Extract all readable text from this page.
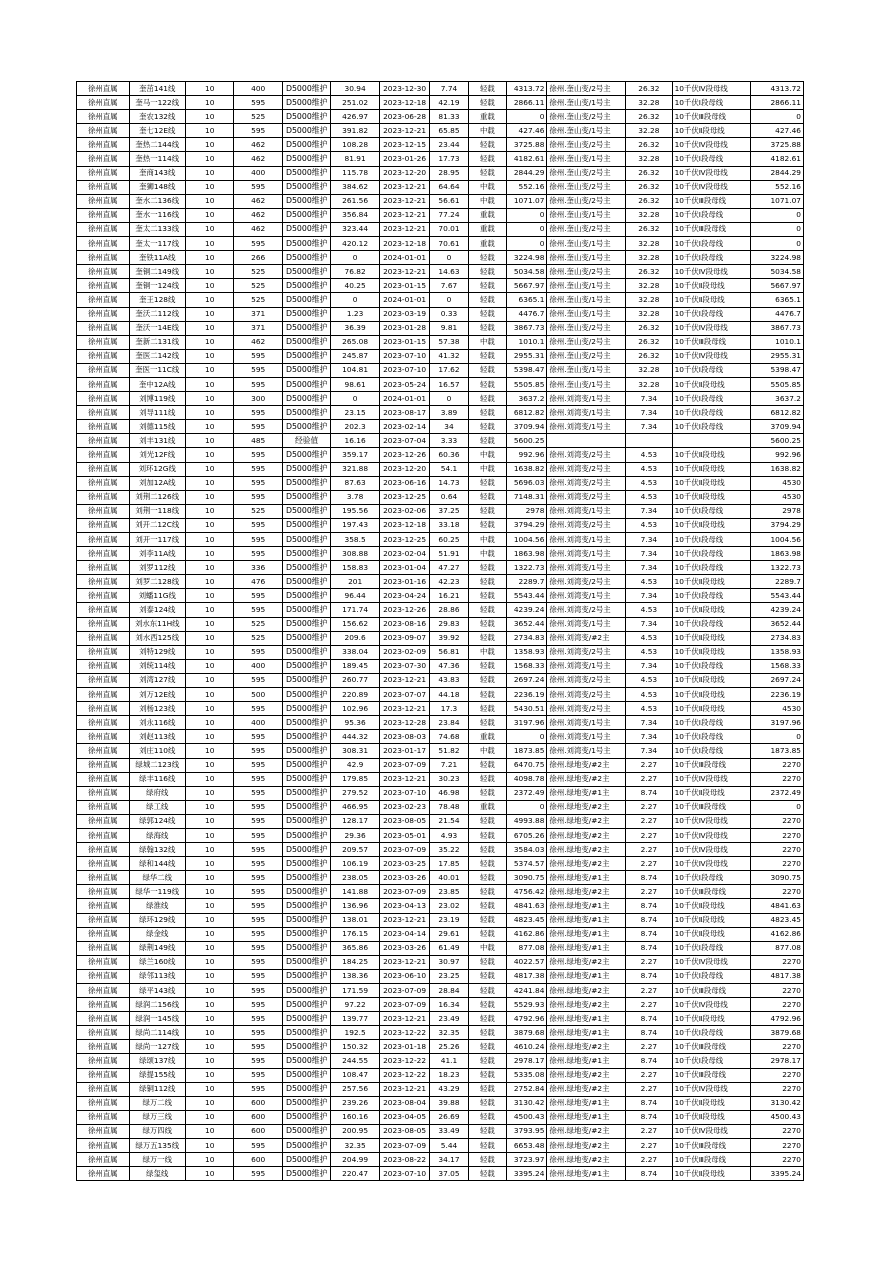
徐州直属	奎茁141线	10	400	D5000维护	30.94	2023-12-30	7.74	轻载	4313.72	徐州.奎山变/2号主	26.32	10千伏Ⅳ段母线	4313.72
徐州直属	奎马一122线	10	595	D5000维护	251.02	2023-12-18	42.19	轻载	2866.11	徐州.奎山变/1号主	32.28	10千伏Ⅰ段母线	2866.11
徐州直属	奎农132线	10	525	D5000维护	426.97	2023-06-28	81.33	重载	0	徐州.奎山变/2号主	26.32	10千伏Ⅲ段母线	0
徐州直属	奎七12E线	10	595	D5000维护	391.82	2023-12-21	65.85	中载	427.46	徐州.奎山变/1号主	32.28	10千伏Ⅱ段母线	427.46
徐州直属	奎热二144线	10	462	D5000维护	108.28	2023-12-15	23.44	轻载	3725.88	徐州.奎山变/2号主	26.32	10千伏Ⅳ段母线	3725.88
徐州直属	奎热一114线	10	462	D5000维护	81.91	2023-01-26	17.73	轻载	4182.61	徐州.奎山变/1号主	32.28	10千伏Ⅰ段母线	4182.61
徐州直属	奎商143线	10	400	D5000维护	115.78	2023-12-20	28.95	轻载	2844.29	徐州.奎山变/2号主	26.32	10千伏Ⅳ段母线	2844.29
徐州直属	奎狮148线	10	595	D5000维护	384.62	2023-12-21	64.64	中载	552.16	徐州.奎山变/2号主	26.32	10千伏Ⅳ段母线	552.16
徐州直属	奎水二136线	10	462	D5000维护	261.56	2023-12-21	56.61	中载	1071.07	徐州.奎山变/2号主	26.32	10千伏Ⅲ段母线	1071.07
徐州直属	奎水一116线	10	462	D5000维护	356.84	2023-12-21	77.24	重载	0	徐州.奎山变/1号主	32.28	10千伏Ⅰ段母线	0
徐州直属	奎太二133线	10	462	D5000维护	323.44	2023-12-21	70.01	重载	0	徐州.奎山变/2号主	26.32	10千伏Ⅲ段母线	0
徐州直属	奎太一117线	10	595	D5000维护	420.12	2023-12-18	70.61	重载	0	徐州.奎山变/1号主	32.28	10千伏Ⅰ段母线	0
徐州直属	奎铁11A线	10	266	D5000维护	0	2024-01-01	0	轻载	3224.98	徐州.奎山变/1号主	32.28	10千伏Ⅰ段母线	3224.98
徐州直属	奎铜二149线	10	525	D5000维护	76.82	2023-12-21	14.63	轻载	5034.58	徐州.奎山变/2号主	26.32	10千伏Ⅳ段母线	5034.58
徐州直属	奎铜一124线	10	525	D5000维护	40.25	2023-01-15	7.67	轻载	5667.97	徐州.奎山变/1号主	32.28	10千伏Ⅱ段母线	5667.97
徐州直属	奎王128线	10	525	D5000维护	0	2024-01-01	0	轻载	6365.1	徐州.奎山变/1号主	32.28	10千伏Ⅱ段母线	6365.1
徐州直属	奎沃二112线	10	371	D5000维护	1.23	2023-03-19	0.33	轻载	4476.7	徐州.奎山变/1号主	32.28	10千伏Ⅰ段母线	4476.7
徐州直属	奎沃一14E线	10	371	D5000维护	36.39	2023-01-28	9.81	轻载	3867.73	徐州.奎山变/2号主	26.32	10千伏Ⅳ段母线	3867.73
徐州直属	奎新二131线	10	462	D5000维护	265.08	2023-01-15	57.38	中载	1010.1	徐州.奎山变/2号主	26.32	10千伏Ⅲ段母线	1010.1
徐州直属	奎医二142线	10	595	D5000维护	245.87	2023-07-10	41.32	轻载	2955.31	徐州.奎山变/2号主	26.32	10千伏Ⅳ段母线	2955.31
徐州直属	奎医一11C线	10	595	D5000维护	104.81	2023-07-10	17.62	轻载	5398.47	徐州.奎山变/1号主	32.28	10千伏Ⅰ段母线	5398.47
徐州直属	奎中12A线	10	595	D5000维护	98.61	2023-05-24	16.57	轻载	5505.85	徐州.奎山变/1号主	32.28	10千伏Ⅱ段母线	5505.85
徐州直属	刘博119线	10	300	D5000维护	0	2024-01-01	0	轻载	3637.2	徐州.刘湾变/1号主	7.34	10千伏Ⅰ段母线	3637.2
徐州直属	刘导111线	10	595	D5000维护	23.15	2023-08-17	3.89	轻载	6812.82	徐州.刘湾变/1号主	7.34	10千伏Ⅰ段母线	6812.82
徐州直属	刘德115线	10	595	D5000维护	202.3	2023-02-14	34	轻载	3709.94	徐州.刘湾变/1号主	7.34	10千伏Ⅰ段母线	3709.94
徐州直属	刘丰131线	10	485	经验值	16.16	2023-07-04	3.33	轻载	5600.25				5600.25
徐州直属	刘光12F线	10	595	D5000维护	359.17	2023-12-26	60.36	中载	992.96	徐州.刘湾变/2号主	4.53	10千伏Ⅱ段母线	992.96
徐州直属	刘环12G线	10	595	D5000维护	321.88	2023-12-20	54.1	中载	1638.82	徐州.刘湾变/2号主	4.53	10千伏Ⅱ段母线	1638.82
徐州直属	刘加12A线	10	595	D5000维护	87.63	2023-06-16	14.73	轻载	5696.03	徐州.刘湾变/2号主	4.53	10千伏Ⅱ段母线	4530
徐州直属	刘荆二126线	10	595	D5000维护	3.78	2023-12-25	0.64	轻载	7148.31	徐州.刘湾变/2号主	4.53	10千伏Ⅱ段母线	4530
徐州直属	刘荆一118线	10	525	D5000维护	195.56	2023-02-06	37.25	轻载	2978	徐州.刘湾变/1号主	7.34	10千伏Ⅰ段母线	2978
徐州直属	刘开二12C线	10	595	D5000维护	197.43	2023-12-18	33.18	轻载	3794.29	徐州.刘湾变/2号主	4.53	10千伏Ⅱ段母线	3794.29
徐州直属	刘开一117线	10	595	D5000维护	358.5	2023-12-25	60.25	中载	1004.56	徐州.刘湾变/1号主	7.34	10千伏Ⅰ段母线	1004.56
徐州直属	刘李11A线	10	595	D5000维护	308.88	2023-02-04	51.91	中载	1863.98	徐州.刘湾变/1号主	7.34	10千伏Ⅰ段母线	1863.98
徐州直属	刘罗112线	10	336	D5000维护	158.83	2023-01-04	47.27	轻载	1322.73	徐州.刘湾变/1号主	7.34	10千伏Ⅰ段母线	1322.73
徐州直属	刘罗二128线	10	476	D5000维护	201	2023-01-16	42.23	轻载	2289.7	徐州.刘湾变/2号主	4.53	10千伏Ⅱ段母线	2289.7
徐州直属	刘蟠11G线	10	595	D5000维护	96.44	2023-04-24	16.21	轻载	5543.44	徐州.刘湾变/1号主	7.34	10千伏Ⅰ段母线	5543.44
徐州直属	刘泰124线	10	595	D5000维护	171.74	2023-12-26	28.86	轻载	4239.24	徐州.刘湾变/2号主	4.53	10千伏Ⅱ段母线	4239.24
徐州直属	刘水东11H线	10	525	D5000维护	156.62	2023-08-16	29.83	轻载	3652.44	徐州.刘湾变/1号主	7.34	10千伏Ⅰ段母线	3652.44
徐州直属	刘水西125线	10	525	D5000维护	209.6	2023-09-07	39.92	轻载	2734.83	徐州.刘湾变/#2主	4.53	10千伏Ⅱ段母线	2734.83
徐州直属	刘特129线	10	595	D5000维护	338.04	2023-02-09	56.81	中载	1358.93	徐州.刘湾变/2号主	4.53	10千伏Ⅱ段母线	1358.93
徐州直属	刘统114线	10	400	D5000维护	189.45	2023-07-30	47.36	轻载	1568.33	徐州.刘湾变/1号主	7.34	10千伏Ⅰ段母线	1568.33
徐州直属	刘湾127线	10	595	D5000维护	260.77	2023-12-21	43.83	轻载	2697.24	徐州.刘湾变/2号主	4.53	10千伏Ⅱ段母线	2697.24
徐州直属	刘万12E线	10	500	D5000维护	220.89	2023-07-07	44.18	轻载	2236.19	徐州.刘湾变/2号主	4.53	10千伏Ⅱ段母线	2236.19
徐州直属	刘杨123线	10	595	D5000维护	102.96	2023-12-21	17.3	轻载	5430.51	徐州.刘湾变/2号主	4.53	10千伏Ⅱ段母线	4530
徐州直属	刘永116线	10	400	D5000维护	95.36	2023-12-28	23.84	轻载	3197.96	徐州.刘湾变/1号主	7.34	10千伏Ⅰ段母线	3197.96
徐州直属	刘赵113线	10	595	D5000维护	444.32	2023-08-03	74.68	重载	0	徐州.刘湾变/1号主	7.34	10千伏Ⅰ段母线	0
徐州直属	刘庄110线	10	595	D5000维护	308.31	2023-01-17	51.82	中载	1873.85	徐州.刘湾变/1号主	7.34	10千伏Ⅰ段母线	1873.85
徐州直属	绿城二123线	10	595	D5000维护	42.9	2023-07-09	7.21	轻载	6470.75	徐州.绿地变/#2主	2.27	10千伏Ⅲ段母线	2270
徐州直属	绿丰116线	10	595	D5000维护	179.85	2023-12-21	30.23	轻载	4098.78	徐州.绿地变/#2主	2.27	10千伏Ⅳ段母线	2270
徐州直属	绿府线	10	595	D5000维护	279.52	2023-07-10	46.98	轻载	2372.49	徐州.绿地变/#1主	8.74	10千伏Ⅱ段母线	2372.49
徐州直属	绿工线	10	595	D5000维护	466.95	2023-02-23	78.48	重载	0	徐州.绿地变/#2主	2.27	10千伏Ⅲ段母线	0
徐州直属	绿郭124线	10	595	D5000维护	128.17	2023-08-05	21.54	轻载	4993.88	徐州.绿地变/#2主	2.27	10千伏Ⅳ段母线	2270
徐州直属	绿海线	10	595	D5000维护	29.36	2023-05-01	4.93	轻载	6705.26	徐州.绿地变/#2主	2.27	10千伏Ⅳ段母线	2270
徐州直属	绿翰132线	10	595	D5000维护	209.57	2023-07-09	35.22	轻载	3584.03	徐州.绿地变/#2主	2.27	10千伏Ⅳ段母线	2270
徐州直属	绿和144线	10	595	D5000维护	106.19	2023-03-25	17.85	轻载	5374.57	徐州.绿地变/#2主	2.27	10千伏Ⅳ段母线	2270
徐州直属	绿华二线	10	595	D5000维护	238.05	2023-03-26	40.01	轻载	3090.75	徐州.绿地变/#1主	8.74	10千伏Ⅰ段母线	3090.75
徐州直属	绿华一119线	10	595	D5000维护	141.88	2023-07-09	23.85	轻载	4756.42	徐州.绿地变/#2主	2.27	10千伏Ⅲ段母线	2270
徐州直属	绿淮线	10	595	D5000维护	136.96	2023-04-13	23.02	轻载	4841.63	徐州.绿地变/#1主	8.74	10千伏Ⅱ段母线	4841.63
徐州直属	绿环129线	10	595	D5000维护	138.01	2023-12-21	23.19	轻载	4823.45	徐州.绿地变/#1主	8.74	10千伏Ⅱ段母线	4823.45
徐州直属	绿金线	10	595	D5000维护	176.15	2023-04-14	29.61	轻载	4162.86	徐州.绿地变/#1主	8.74	10千伏Ⅱ段母线	4162.86
徐州直属	绿荆149线	10	595	D5000维护	365.86	2023-03-26	61.49	中载	877.08	徐州.绿地变/#1主	8.74	10千伏Ⅰ段母线	877.08
徐州直属	绿兰160线	10	595	D5000维护	184.25	2023-12-21	30.97	轻载	4022.57	徐州.绿地变/#2主	2.27	10千伏Ⅳ段母线	2270
徐州直属	绿邻113线	10	595	D5000维护	138.36	2023-06-10	23.25	轻载	4817.38	徐州.绿地变/#1主	8.74	10千伏Ⅰ段母线	4817.38
徐州直属	绿平143线	10	595	D5000维护	171.59	2023-07-09	28.84	轻载	4241.84	徐州.绿地变/#2主	2.27	10千伏Ⅲ段母线	2270
徐州直属	绿润二156线	10	595	D5000维护	97.22	2023-07-09	16.34	轻载	5529.93	徐州.绿地变/#2主	2.27	10千伏Ⅳ段母线	2270
徐州直属	绿润一145线	10	595	D5000维护	139.77	2023-12-21	23.49	轻载	4792.96	徐州.绿地变/#1主	8.74	10千伏Ⅱ段母线	4792.96
徐州直属	绿尚二114线	10	595	D5000维护	192.5	2023-12-22	32.35	轻载	3879.68	徐州.绿地变/#1主	8.74	10千伏Ⅰ段母线	3879.68
徐州直属	绿尚一127线	10	595	D5000维护	150.32	2023-01-18	25.26	轻载	4610.24	徐州.绿地变/#2主	2.27	10千伏Ⅲ段母线	2270
徐州直属	绿颂137线	10	595	D5000维护	244.55	2023-12-22	41.1	轻载	2978.17	徐州.绿地变/#1主	8.74	10千伏Ⅰ段母线	2978.17
徐州直属	绿提155线	10	595	D5000维护	108.47	2023-12-22	18.23	轻载	5335.08	徐州.绿地变/#2主	2.27	10千伏Ⅲ段母线	2270
徐州直属	绿铜112线	10	595	D5000维护	257.56	2023-12-21	43.29	轻载	2752.84	徐州.绿地变/#2主	2.27	10千伏Ⅳ段母线	2270
徐州直属	绿万二线	10	600	D5000维护	239.26	2023-08-04	39.88	轻载	3130.42	徐州.绿地变/#1主	8.74	10千伏Ⅱ段母线	3130.42
徐州直属	绿万三线	10	600	D5000维护	160.16	2023-04-05	26.69	轻载	4500.43	徐州.绿地变/#1主	8.74	10千伏Ⅱ段母线	4500.43
徐州直属	绿万四线	10	600	D5000维护	200.95	2023-08-05	33.49	轻载	3793.95	徐州.绿地变/#2主	2.27	10千伏Ⅳ段母线	2270
徐州直属	绿万五135线	10	595	D5000维护	32.35	2023-07-09	5.44	轻载	6653.48	徐州.绿地变/#2主	2.27	10千伏Ⅲ段母线	2270
徐州直属	绿万一线	10	600	D5000维护	204.99	2023-08-22	34.17	轻载	3723.97	徐州.绿地变/#2主	2.27	10千伏Ⅲ段母线	2270
徐州直属	绿玺线	10	595	D5000维护	220.47	2023-07-10	37.05	轻载	3395.24	徐州.绿地变/#1主	8.74	10千伏Ⅱ段母线	3395.24
